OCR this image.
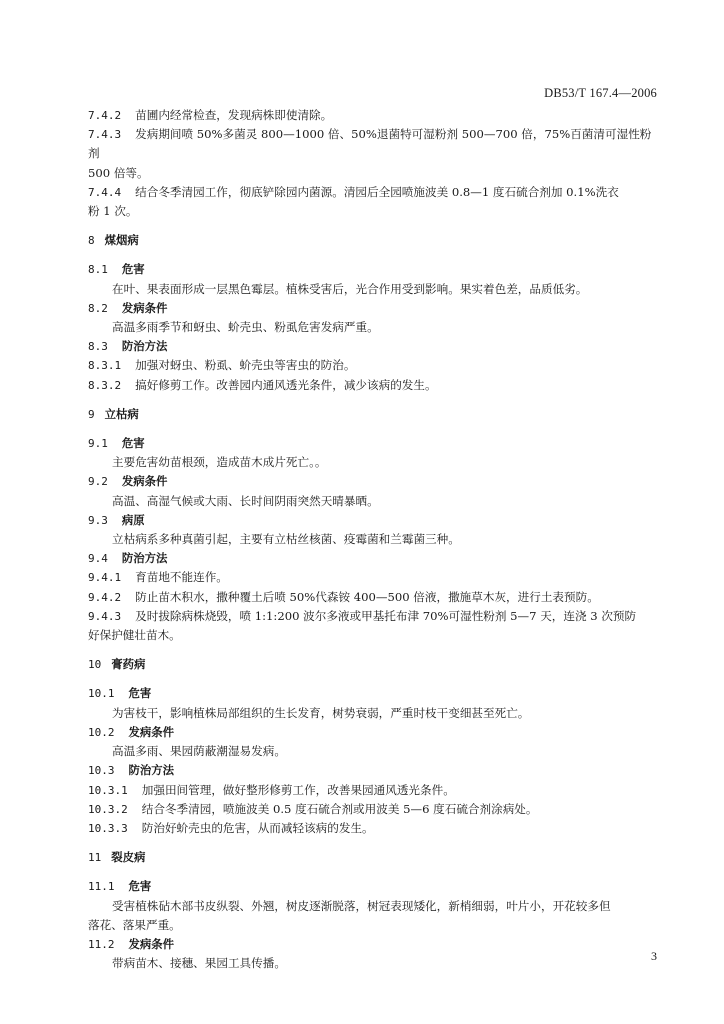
DB53/T 167.4—2006
7.4.2 苗圃内经常检查，发现病株即使清除。
7.4.3 发病期间喷 50%多菌灵 800—1000 倍、50%退菌特可湿粉剂 500—700 倍，75%百菌清可湿性粉剂
500 倍等。
7.4.4 结合冬季清园工作，彻底铲除园内菌源。清园后全园喷施波美 0.8—1 度石硫合剂加 0.1%洗衣
粉 1 次。
8 煤烟病
8.1 危害
在叶、果表面形成一层黑色霉层。植株受害后，光合作用受到影响。果实着色差，品质低劣。
8.2 发病条件
高温多雨季节和蚜虫、蚧壳虫、粉虱危害发病严重。
8.3 防治方法
8.3.1 加强对蚜虫、粉虱、蚧壳虫等害虫的防治。
8.3.2 搞好修剪工作。改善园内通风透光条件，减少该病的发生。
9 立枯病
9.1 危害
主要危害幼苗根颈，造成苗木成片死亡。。
9.2 发病条件
高温、高湿气候或大雨、长时间阴雨突然天晴暴晒。
9.3 病原
立枯病系多种真菌引起，主要有立枯丝核菌、疫霉菌和兰霉菌三种。
9.4 防治方法
9.4.1 育苗地不能连作。
9.4.2 防止苗木积水，撒种覆土后喷 50%代森铵 400—500 倍液，撒施草木灰，进行土表预防。
9.4.3 及时拔除病株烧毁，喷 1:1:200 波尔多液或甲基托布津 70%可湿性粉剂 5—7 天，连浇 3 次预防
好保护健壮苗木。
10 膏药病
10.1 危害
为害枝干，影响植株局部组织的生长发育，树势衰弱，严重时枝干变细甚至死亡。
10.2 发病条件
高温多雨、果园荫蔽潮湿易发病。
10.3 防治方法
10.3.1 加强田间管理，做好整形修剪工作，改善果园通风透光条件。
10.3.2 结合冬季清园，喷施波美 0.5 度石硫合剂或用波美 5—6 度石硫合剂涂病处。
10.3.3 防治好蚧壳虫的危害，从而减轻该病的发生。
11 裂皮病
11.1 危害
受害植株砧木部书皮纵裂、外翘，树皮逐渐脱落，树冠表现矮化，新梢细弱，叶片小，开花较多但
落花、落果严重。
11.2 发病条件
带病苗木、接穗、果园工具传播。
3
